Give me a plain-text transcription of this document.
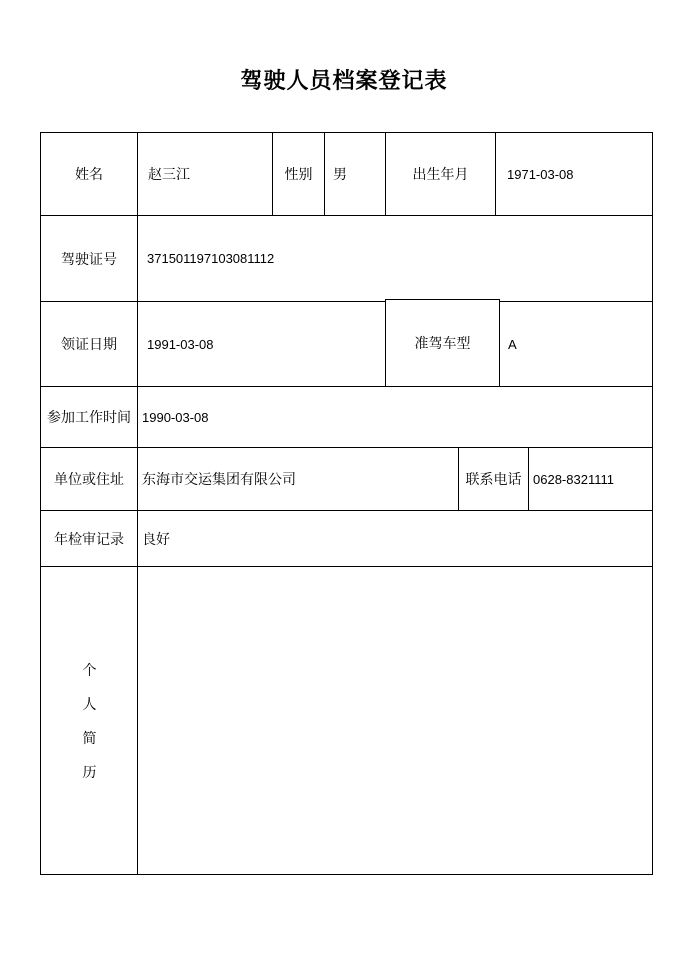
驾驶人员档案登记表
姓名	赵三江	性别	男	出生年月	1971-03-08
驾驶证号	371501197103081112
领证日期	1991-03-08	准驾车型	A
参加工作时间 1990-03-08
单位或住址	东海市交运集团有限公司	联系电话 0628-8321111
年检审记录	良好
个
人
简
历
